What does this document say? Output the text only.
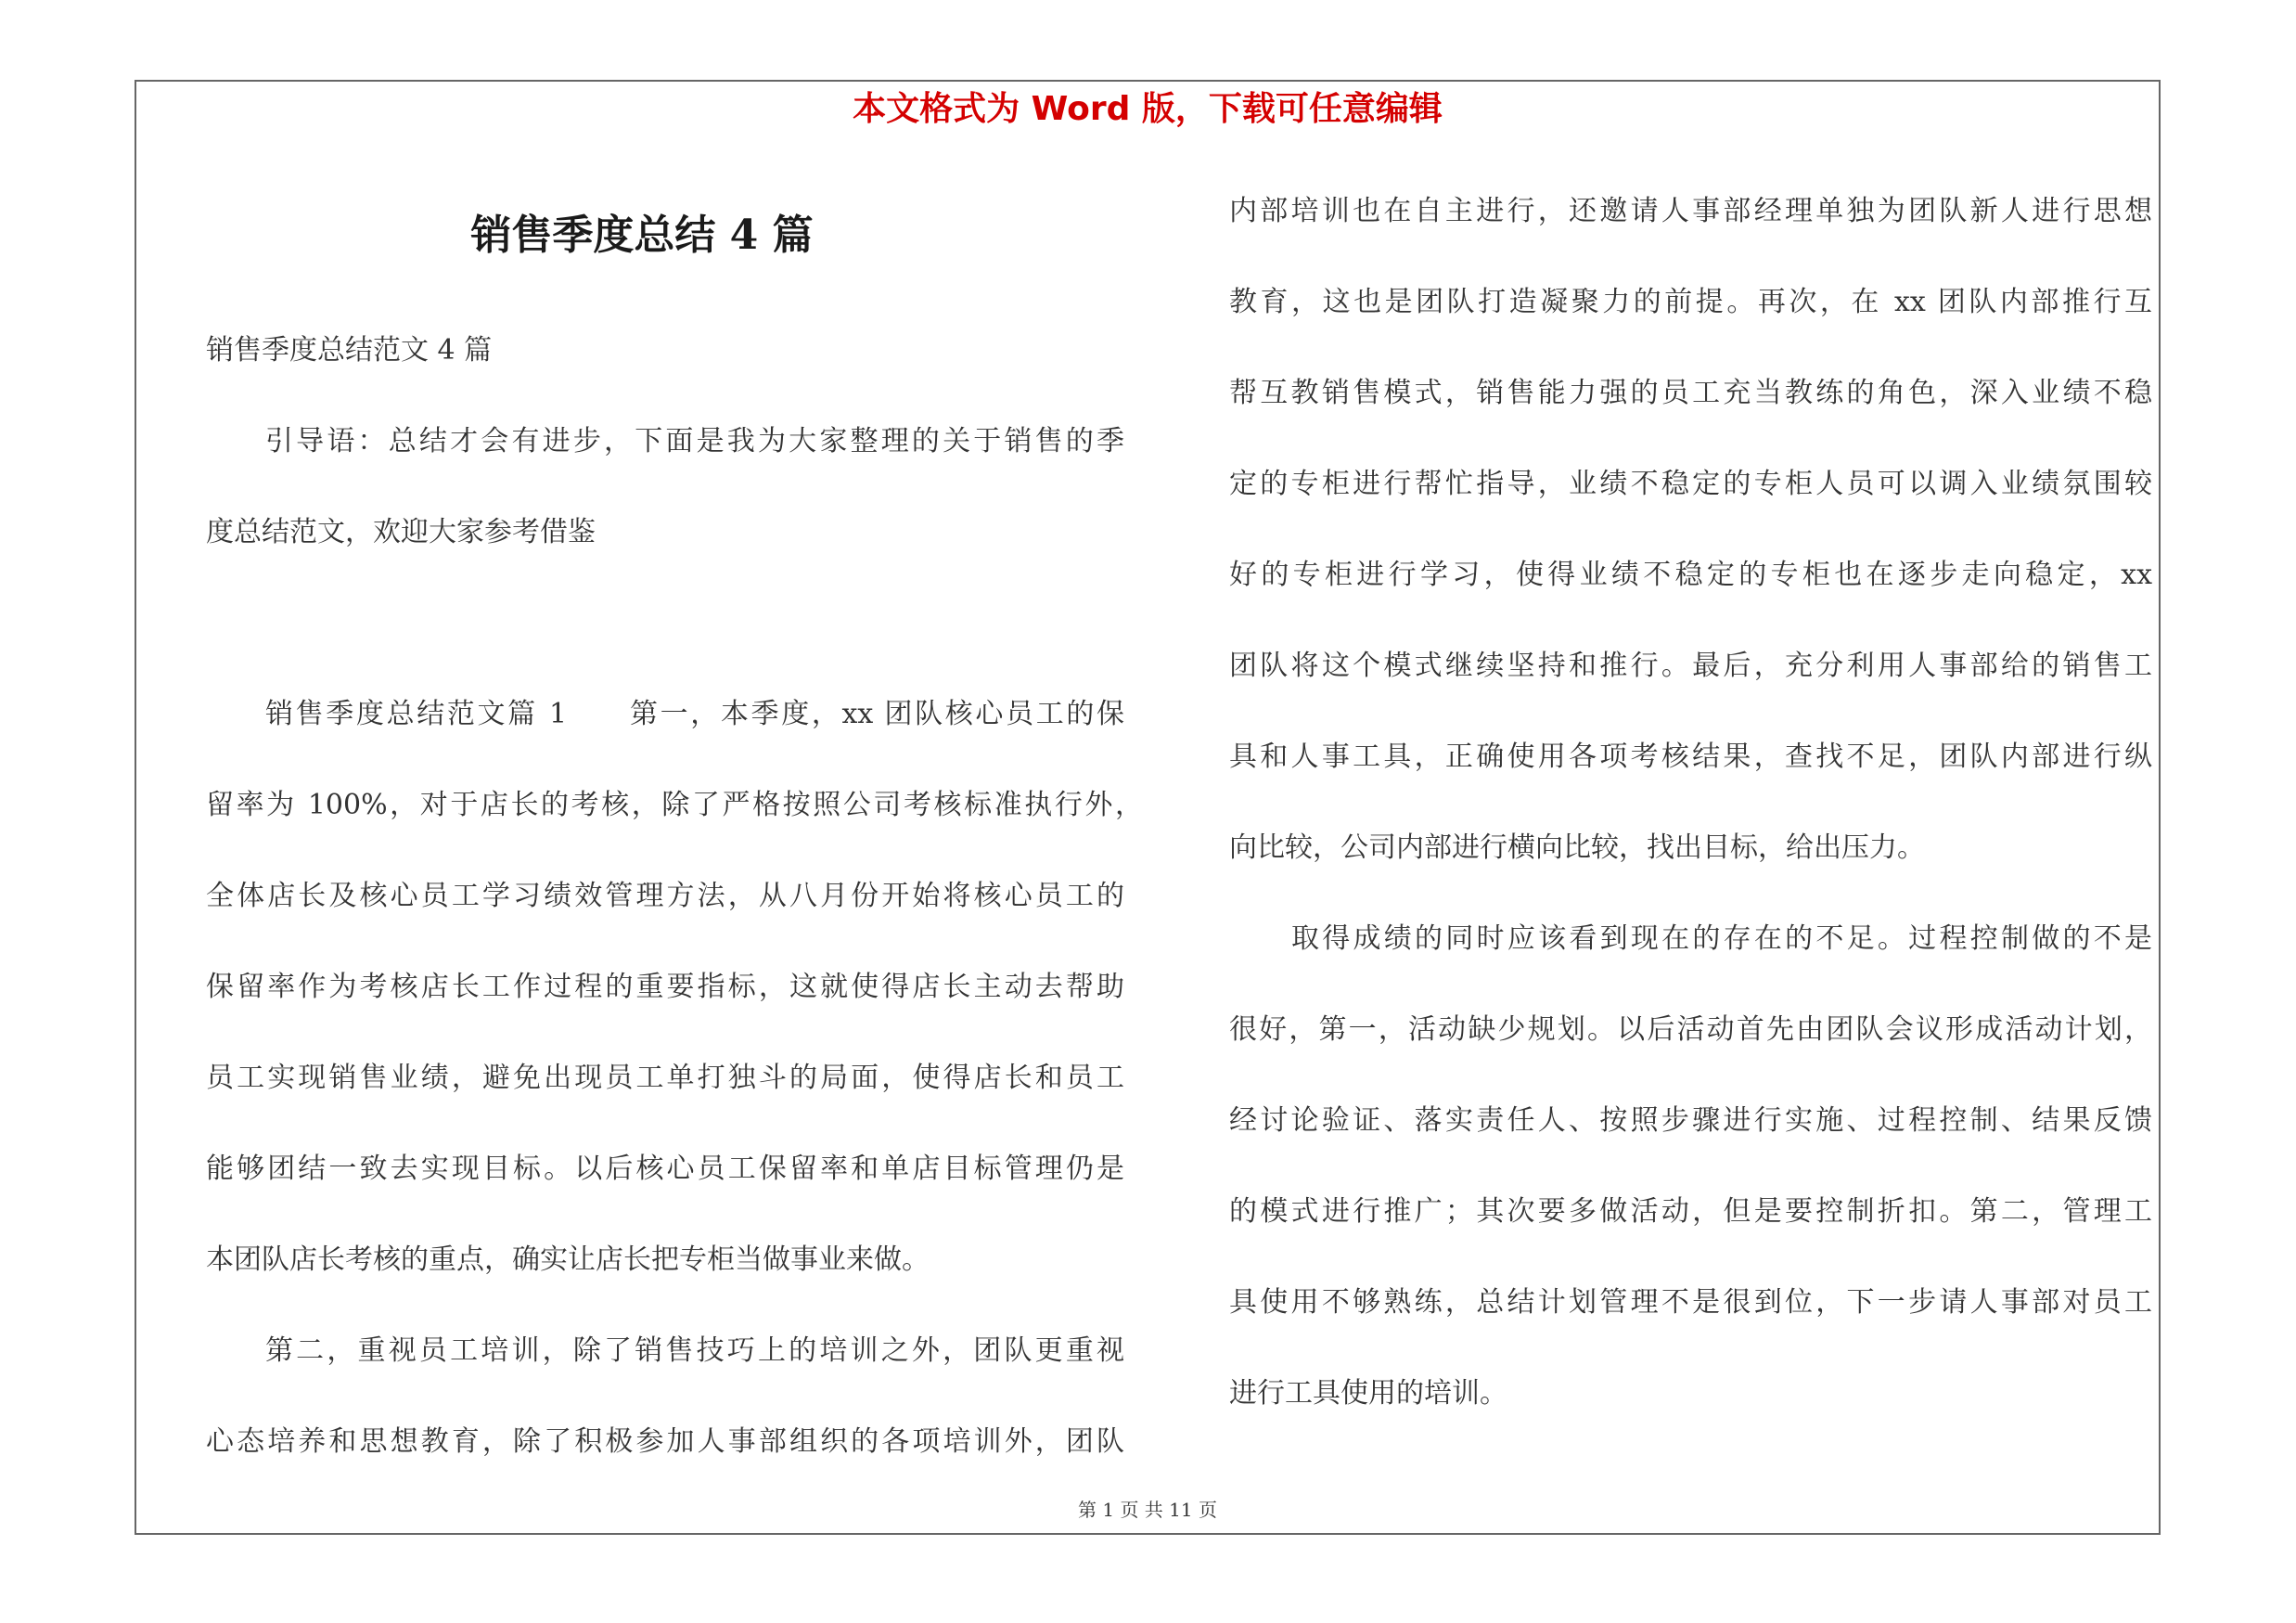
本文格式为 Word 版，下载可任意编辑
销售季度总结 4 篇
销售季度总结范文 4 篇
引导语：总结才会有进步，下面是我为大家整理的关于销售的季
度总结范文，欢迎大家参考借鉴
销售季度总结范文篇 1　　第一，本季度，xx 团队核心员工的保
留率为 100%，对于店长的考核，除了严格按照公司考核标准执行外，
全体店长及核心员工学习绩效管理方法，从八月份开始将核心员工的
保留率作为考核店长工作过程的重要指标，这就使得店长主动去帮助
员工实现销售业绩，避免出现员工单打独斗的局面，使得店长和员工
能够团结一致去实现目标。以后核心员工保留率和单店目标管理仍是
本团队店长考核的重点，确实让店长把专柜当做事业来做。
第二，重视员工培训，除了销售技巧上的培训之外，团队更重视
心态培养和思想教育，除了积极参加人事部组织的各项培训外，团队
内部培训也在自主进行，还邀请人事部经理单独为团队新人进行思想
教育，这也是团队打造凝聚力的前提。再次，在 xx 团队内部推行互
帮互教销售模式，销售能力强的员工充当教练的角色，深入业绩不稳
定的专柜进行帮忙指导，业绩不稳定的专柜人员可以调入业绩氛围较
好的专柜进行学习，使得业绩不稳定的专柜也在逐步走向稳定，xx
团队将这个模式继续坚持和推行。最后，充分利用人事部给的销售工
具和人事工具，正确使用各项考核结果，查找不足，团队内部进行纵
向比较，公司内部进行横向比较，找出目标，给出压力。
取得成绩的同时应该看到现在的存在的不足。过程控制做的不是
很好，第一，活动缺少规划。以后活动首先由团队会议形成活动计划，
经讨论验证、落实责任人、按照步骤进行实施、过程控制、结果反馈
的模式进行推广；其次要多做活动，但是要控制折扣。第二，管理工
具使用不够熟练，总结计划管理不是很到位，下一步请人事部对员工
进行工具使用的培训。
第 1 页 共 11 页
